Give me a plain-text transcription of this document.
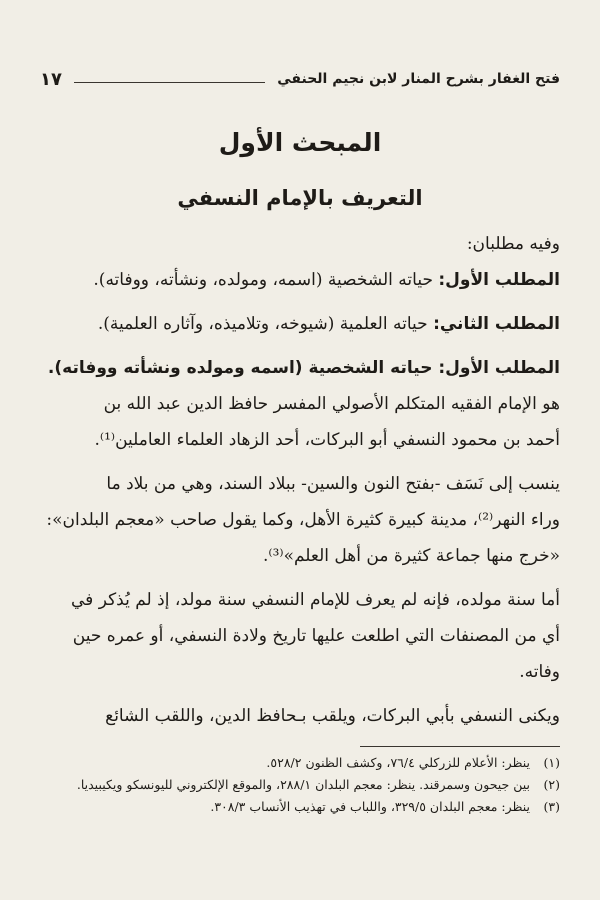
فتح الغفار بشرح المنار لابن نجيم الحنفي
١٧
المبحث الأول
التعريف بالإمام النسفي
وفيه مطلبان:
المطلب الأول: حياته الشخصية (اسمه، ومولده، ونشأته، ووفاته).
المطلب الثاني: حياته العلمية (شيوخه، وتلاميذه، وآثاره العلمية).
المطلب الأول: حياته الشخصية (اسمه ومولده ونشأته ووفاته).
هو الإمام الفقيه المتكلم الأصولي المفسر حافظ الدين عبد الله بن
أحمد بن محمود النسفي أبو البركات، أحد الزهاد العلماء العاملين⁽¹⁾.
ينسب إلى نَسَف -بفتح النون والسين- ببلاد السند، وهي من بلاد ما
وراء النهر⁽²⁾، مدينة كبيرة كثيرة الأهل، وكما يقول صاحب «معجم البلدان»:
«خرج منها جماعة كثيرة من أهل العلم»⁽³⁾.
أما سنة مولده، فإنه لم يعرف للإمام النسفي سنة مولد، إذ لم يُذكر في
أي من المصنفات التي اطلعت عليها تاريخ ولادة النسفي، أو عمره حين
وفاته.
ويكنى النسفي بأبي البركات، ويلقب بـحافظ الدين، واللقب الشائع
(١) ينظر: الأعلام للزركلي ٧٦/٤، وكشف الظنون ٥٢٨/٢.
(٢) بين جيحون وسمرقند. ينظر: معجم البلدان ٢٨٨/١، والموقع الإلكتروني لليونسكو ويكيبيديا.
(٣) ينظر: معجم البلدان ٣٢٩/٥، واللباب في تهذيب الأنساب ٣٠٨/٣.
